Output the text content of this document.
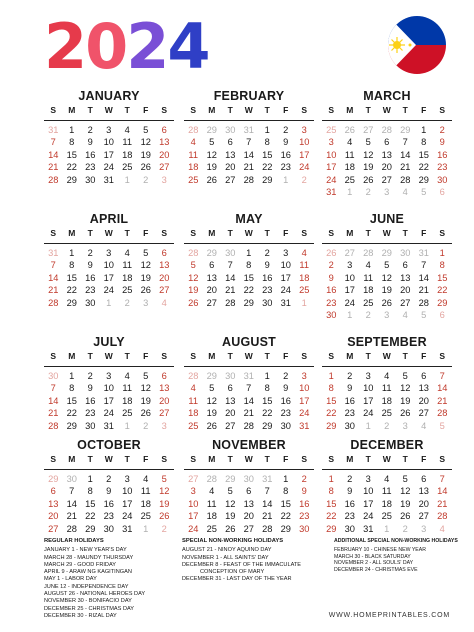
2 0 2 4
JANUARY
S	M	T	W	T	F	S
31	1	2	3	4	5	6
7	8	9	10 11 12 13
14 15 16 17 18 19 20
21 22 23 24 25 26 27
28 29 30 31	1	2	3
FEBRUARY
S	M	T	W	T	F	S
28 29 30 31	1	2	3
4	5	6	7	8	9	10
11 12 13 14 15 16 17
18 19 20 21 22 23 24
25 26 27 28 29	1	2
MARCH
S	M	T	W	T	F	S
25 26 27 28 29	1	2
3	4	5	6	7	8	9
10 11 12 13 14 15 16
17 18 19 20 21 22 23
24 25 26 27 28 29 30
31	1	2	3	4	5	6
APRIL
S	M	T	W	T	F	S
31	1	2	3	4	5	6
7	8	9	10 11 12 13
14 15 16 17 18 19 20
21 22 23 24 25 26 27
28 29 30	1	2	3	4
MAY
S	M	T	W	T	F	S
28 29 30	1	2	3	4
5	6	7	8	9	10 11
12 13 14 15 16 17 18
19 20 21 22 23 24 25
26 27 28 29 30 31	1
JUNE
S	M	T	W	T	F	S
26 27 28 29 30 31	1
2	3	4	5	6	7	8
9	10 11 12 13 14 15
16 17 18 19 20 21 22
23 24 25 26 27 28 29
30	1	2	3	4	5	6
JULY
S	M	T	W	T	F	S
30	1	2	3	4	5	6
7	8	9	10 11 12 13
14 15 16 17 18 19 20
21 22 23 24 25 26 27
28 29 30 31	1	2	3
AUGUST
S	M	T	W	T	F	S
28 29 30 31	1	2	3
4	5	6	7	8	9	10
11 12 13 14 15 16 17
18 19 20 21 22 23 24
25 26 27 28 29 30 31
SEPTEMBER
S	M	T	W	T	F	S
1	2	3	4	5	6	7
8	9	10 11 12 13 14
15 16 17 18 19 20 21
22 23 24 25 26 27 28
29 30	1	2	3	4	5
OCTOBER
S	M	T	W	T	F	S
29 30	1	2	3	4	5
6	7	8	9	10 11 12
13 14 15 16 17 18 19
20 21 22 23 24 25 26
27 28 29 30 31	1	2
NOVEMBER
S	M	T	W	T	F	S
27 28 29 30 31	1	2
3	4	5	6	7	8	9
10 11 12 13 14 15 16
17 18 19 20 21 22 23
24 25 26 27 28 29 30
DECEMBER
S	M	T	W	T	F	S
1	2	3	4	5	6	7
8	9	10 11 12 13 14
15 16 17 18 19 20 21
22 23 24 25 26 27 28
29 30 31	1	2	3	4
REGULAR HOLIDAYS
JANUARY 1 - NEW YEAR'S DAY
MARCH 28 - MAUNDY THURSDAY
MARCH 29 - GOOD FRIDAY
APRIL 9 - ARAW NG KAGITINGAN
MAY 1 - LABOR DAY
JUNE 12 - INDEPENDENCE DAY
AUGUST 26 - NATIONAL HEROES DAY
NOVEMBER 30 - BONIFACIO DAY
DECEMBER 25 - CHRISTMAS DAY
DECEMBER 30 - RIZAL DAY
SPECIAL NON-WORKING HOLIDAYS
AUGUST 21 - NINOY AQUINO DAY
NOVEMBER 1 - ALL SAINTS' DAY
DECEMBER 8 - FEAST OF THE IMMACULATE
CONCEPTION OF MARY
DECEMBER 31 - LAST DAY OF THE YEAR
ADDITIONAL SPECIAL NON-WORKING HOLIDAYS
FEBRUARY 10 - CHINESE NEW YEAR
MARCH 30 - BLACK SATURDAY
NOVEMBER 2 - ALL SOULS' DAY
DECEMBER 24 - CHRISTMAS EVE
WWW.HOMEPRINTABLES.COM
